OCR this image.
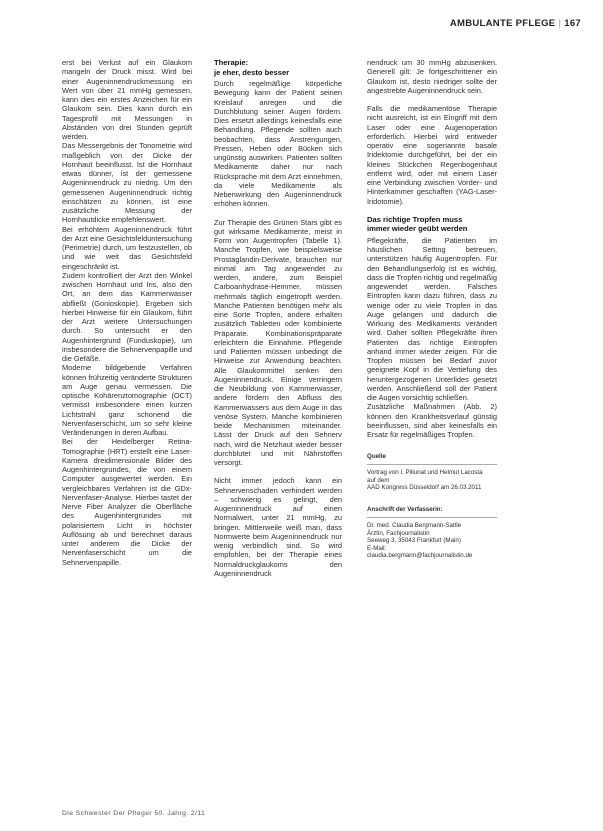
AMBULANTE PFLEGE | 167

erst bei Verlust auf ein Glaukom mangeln der Druck misst. Wird bei einer Augeninnendruckmessung ein Wert von über 21 mmHg gemessen, kann dies ein erstes Anzeichen für ein Glaukom sein. Dies kann durch ein Tagesprofil mit Messungen in Abständen von drei Stunden geprüft werden.

Das Messergebnis der Tonometrie wird maßgeblich von der Dicke der Hornhaut beeinflusst. Ist die Hornhaut etwas dünner, ist der gemessene Augeninnendruck zu niedrig. Um den gemessenen Augeninnendruck richtig einschätzen zu können, ist eine zusätzliche Messung der Hornhautdicke empfehlenswert.

Bei erhöhtem Augeninnendruck führt der Arzt eine Gesichtsfelduntersuchung (Perimetrie) durch, um festzustellen, ob und wie weit das Gesichtsfeld eingeschränkt ist.

Zudem kontrolliert der Arzt den Winkel zwischen Hornhaut und Iris, also den Ort, an dem das Kammerwasser abfließt (Gonioskopie). Ergeben sich hierbei Hinweise für ein Glaukom, führt der Arzt weitere Untersuchungen durch. So untersucht er den Augenhintergrund (Funduskopie), um insbesondere die Sehnervenpapille und die Gefäße.

Moderne bildgebende Verfahren können frühzeitig veränderte Strukturen am Auge genau vermessen. Die optische Kohärenztomographie (OCT) vermisst insbesondere einen kurzen Lichtstrahl ganz schonend die Nervenfaserschicht, um so sehr kleine Veränderungen in deren Aufbau.

Bei der Heidelberger Retina-Tomographie (HRT) erstellt eine Laser-Kamera dreidimensionale Bilder des Augenhintergrundes, die von einem Computer ausgewertet werden. Ein vergleichbares Verfahren ist die GDx-Nervenfaser-Analyse. Hierbei tastet der Nerve Fiber Analyzer die Oberfläche des Augenhintergrundes mit polarisiertem Licht in höchster Auflösung ab und berechnet daraus unter anderem die Dicke der Nervenfaserschicht um die Sehnervenpapille.

Therapie:
je eher, desto besser

Durch regelmäßige körperliche Bewegung kann der Patient seinen Kreislauf anregen und die Durchblutung seiner Augen fördern. Dies ersetzt allerdings keinesfalls eine Behandlung. Pflegende sollten auch beobachten, dass Anstrengungen, Pressen, Heben oder Bücken sich ungünstig auswirken. Patienten sollten Medikamente daher nur nach Rücksprache mit dem Arzt einnehmen, da viele Medikamente als Nebenwirkung den Augeninnendruck erhöhen können.

Zur Therapie des Grünen Stars gibt es gut wirksame Medikamente, meist in Form von Augentropfen (Tabelle 1). Manche Tropfen, wie beispielsweise Prostaglandin-Derivate, brauchen nur einmal am Tag angewendet zu werden, andere, zum Beispiel Carboanhydrase-Hemmer, müssen mehrmals täglich eingetropft werden. Manche Patienten benötigen mehr als eine Sorte Tropfen, andere erhalten zusätzlich Tabletten oder kombinierte Präparate. Kombinationspräparate erleichtern die Einnahme. Pflegende und Patienten müssen unbedingt die Hinweise zur Anwendung beachten. Alle Glaukommittel senken den Augeninnendruck. Einige verringern die Neubildung von Kammerwasser, andere fördern den Abfluss des Kammerwassers aus dem Auge in das venöse System. Manche kombinieren beide Mechanismen miteinander. Lässt der Druck auf den Sehnerv nach, wird die Netzhaut wieder besser durchblutet und mit Nährstoffen versorgt.

Nicht immer jedoch kann ein Sehnervenschaden verhindert werden – schwierig es gelingt, den Augeninnendruck auf einen Normalwert, unter 21 mmHg, zu bringen. Mittlerweile weiß man, dass Normwerte beim Augeninnendruck nur wenig verbindlich sind. So wird empfohlen, bei der Therapie eines Normaldruckglaukoms den Augeninnendruck

nendruck um 30 mmHg abzusenken. Generell gilt: Je fortgeschrittener ein Glaukom ist, desto niedriger sollte der angestrebte Augeninnendruck sein.

Falls die medikamentöse Therapie nicht ausreicht, ist ein Eingriff mit dem Laser oder eine Augenoperation erforderlich. Hierbei wird entweder operativ eine sogenannte basale Iridektomie durchgeführt, bei der ein kleines Stückchen Regenbogenhaut entfernt wird, oder mit einem Laser eine Verbindung zwischen Vorder- und Hinterkammer geschaffen (YAG-Laser-Iridotomie).

Das richtige Tropfen muss
immer wieder geübt werden

Pflegekräfte, die Patienten im häuslichen Setting betreuen, unterstützen häufig Augentropfen. Für den Behandlungserfolg ist es wichtig, dass die Tropfen richtig und regelmäßig angewendet werden. Falsches Eintropfen kann dazu führen, dass zu wenige oder zu viele Tropfen in das Auge gelangen und dadurch die Wirkung des Medikaments verändert wird. Daher sollten Pflegekräfte ihren Patienten das richtige Eintropfen anhand immer wieder zeigen. Für die Tropfen müssen bei Bedarf zuvor geeignete Kopf in die Vertiefung des heruntergezogenen Unterlides gesetzt werden. Anschließend soll der Patient die Augen vorsichtig schließen.

Zusätzliche Maßnahmen (Abb. 2) können den Krankheitsverlauf günstig beeinflussen, sind aber keinesfalls ein Ersatz für regelmäßiges Tropfen.

Quelle

Vortrag von I. Pillunat und Helmut Lacosta

auf dem

AAD Kongress Düsseldorf am 26.03.2011

Anschrift der Verfasserin:

Dr. med. Claudia Bergmann-Sattle

Ärztin, Fachjournalistin

Seeweg 3, 35043 Frankfurt (Main)

E-Mail:

claudia.bergmann@fachjournalistin.de

Die Schwester Der Pfleger 50. Jahrg. 2/11
